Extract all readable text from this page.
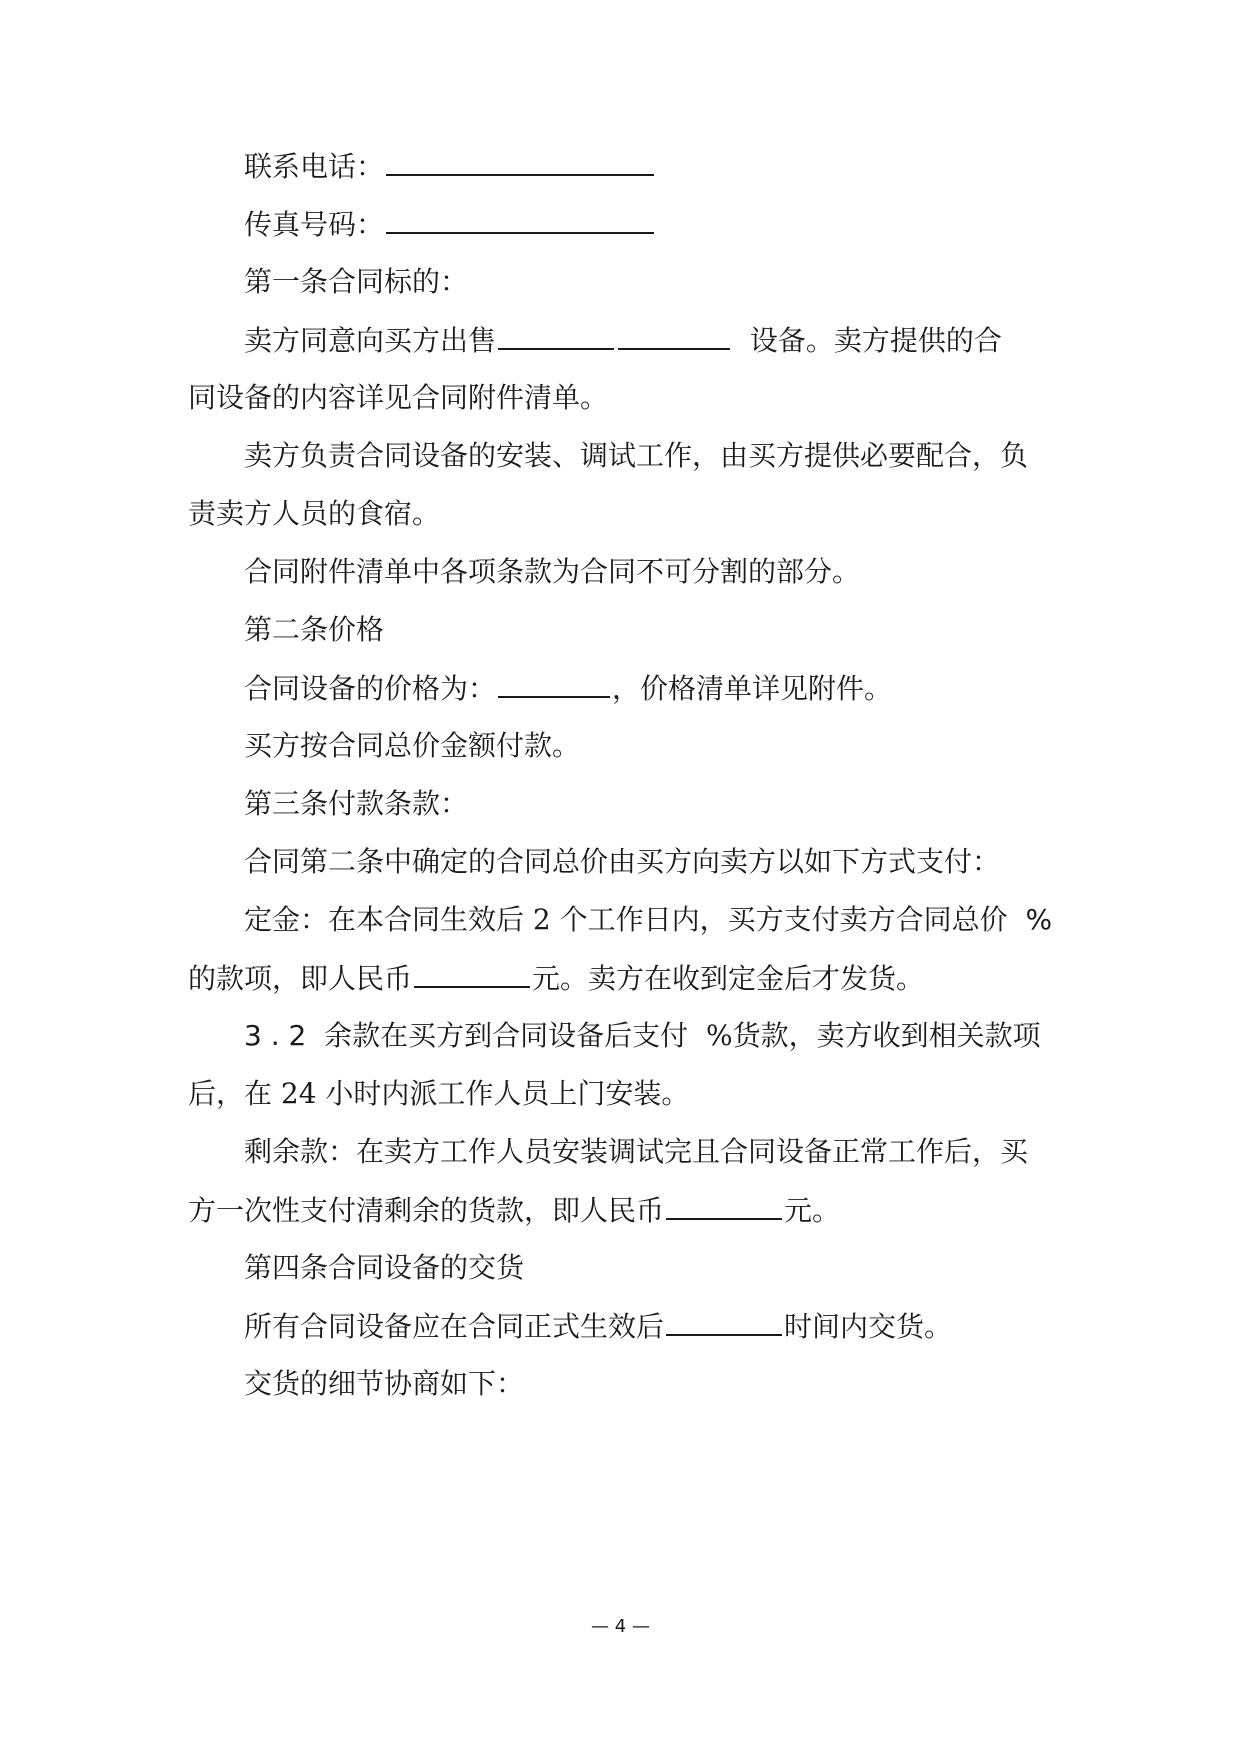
联系电话：
传真号码：
第一条合同标的：
卖方同意向买方出售	设备。卖方提供的合
同设备的内容详见合同附件清单。
卖方负责合同设备的安装、调试工作，由买方提供必要配合，负
责卖方人员的食宿。
合同附件清单中各项条款为合同不可分割的部分。
第二条价格
合同设备的价格为：	，价格清单详见附件。
买方按合同总价金额付款。
第三条付款条款：
合同第二条中确定的合同总价由买方向卖方以如下方式支付：
定金：在本合同生效后 2 个工作日内，买方支付卖方合同总价 %
的款项，即人民币	元。卖方在收到定金后才发货。
3 . 2 余款在买方到合同设备后支付 %货款，卖方收到相关款项
后，在 24 小时内派工作人员上门安装。
剩余款：在卖方工作人员安装调试完且合同设备正常工作后，买
方一次性支付清剩余的货款，即人民币	元。
第四条合同设备的交货
所有合同设备应在合同正式生效后	时间内交货。
交货的细节协商如下：
— 4 —
